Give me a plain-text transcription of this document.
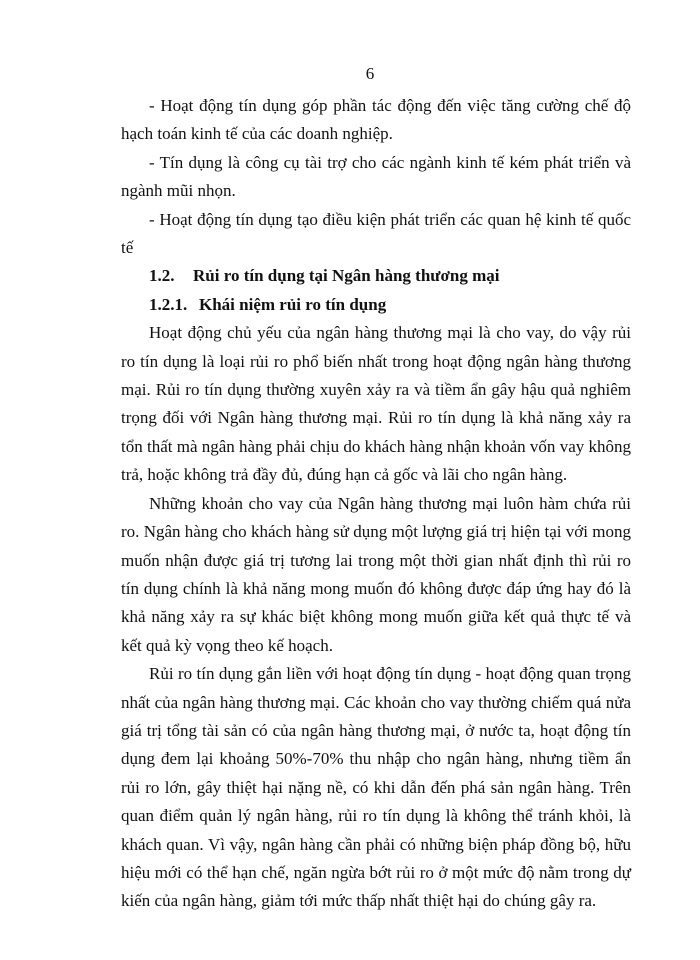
6

- Hoạt động tín dụng góp phần tác động đến việc tăng cường chế độ hạch toán kinh tế của các doanh nghiệp.

- Tín dụng là công cụ tài trợ cho các ngành kinh tế kém phát triển và ngành mũi nhọn.

- Hoạt động tín dụng tạo điều kiện phát triển các quan hệ kinh tế quốc tế

1.2. Rủi ro tín dụng tại Ngân hàng thương mại

1.2.1. Khái niệm rủi ro tín dụng

Hoạt động chủ yếu của ngân hàng thương mại là cho vay, do vậy rủi ro tín dụng là loại rủi ro phổ biến nhất trong hoạt động ngân hàng thương mại. Rủi ro tín dụng thường xuyên xảy ra và tiềm ẩn gây hậu quả nghiêm trọng đối với Ngân hàng thương mại. Rủi ro tín dụng là khả năng xảy ra tổn thất mà ngân hàng phải chịu do khách hàng nhận khoản vốn vay không trả, hoặc không trả đầy đủ, đúng hạn cả gốc và lãi cho ngân hàng.

Những khoản cho vay của Ngân hàng thương mại luôn hàm chứa rủi ro. Ngân hàng cho khách hàng sử dụng một lượng giá trị hiện tại với mong muốn nhận được giá trị tương lai trong một thời gian nhất định thì rủi ro tín dụng chính là khả năng mong muốn đó không được đáp ứng hay đó là khả năng xảy ra sự khác biệt không mong muốn giữa kết quả thực tế và kết quả kỳ vọng theo kế hoạch.

Rủi ro tín dụng gắn liền với hoạt động tín dụng - hoạt động quan trọng nhất của ngân hàng thương mại. Các khoản cho vay thường chiếm quá nửa giá trị tổng tài sản có của ngân hàng thương mại, ở nước ta, hoạt động tín dụng đem lại khoảng 50%-70% thu nhập cho ngân hàng, nhưng tiềm ẩn rủi ro lớn, gây thiệt hại nặng nề, có khi dẫn đến phá sản ngân hàng. Trên quan điểm quản lý ngân hàng, rủi ro tín dụng là không thể tránh khỏi, là khách quan. Vì vậy, ngân hàng cần phải có những biện pháp đồng bộ, hữu hiệu mới có thể hạn chế, ngăn ngừa bớt rủi ro ở một mức độ nằm trong dự kiến của ngân hàng, giảm tới mức thấp nhất thiệt hại do chúng gây ra.
